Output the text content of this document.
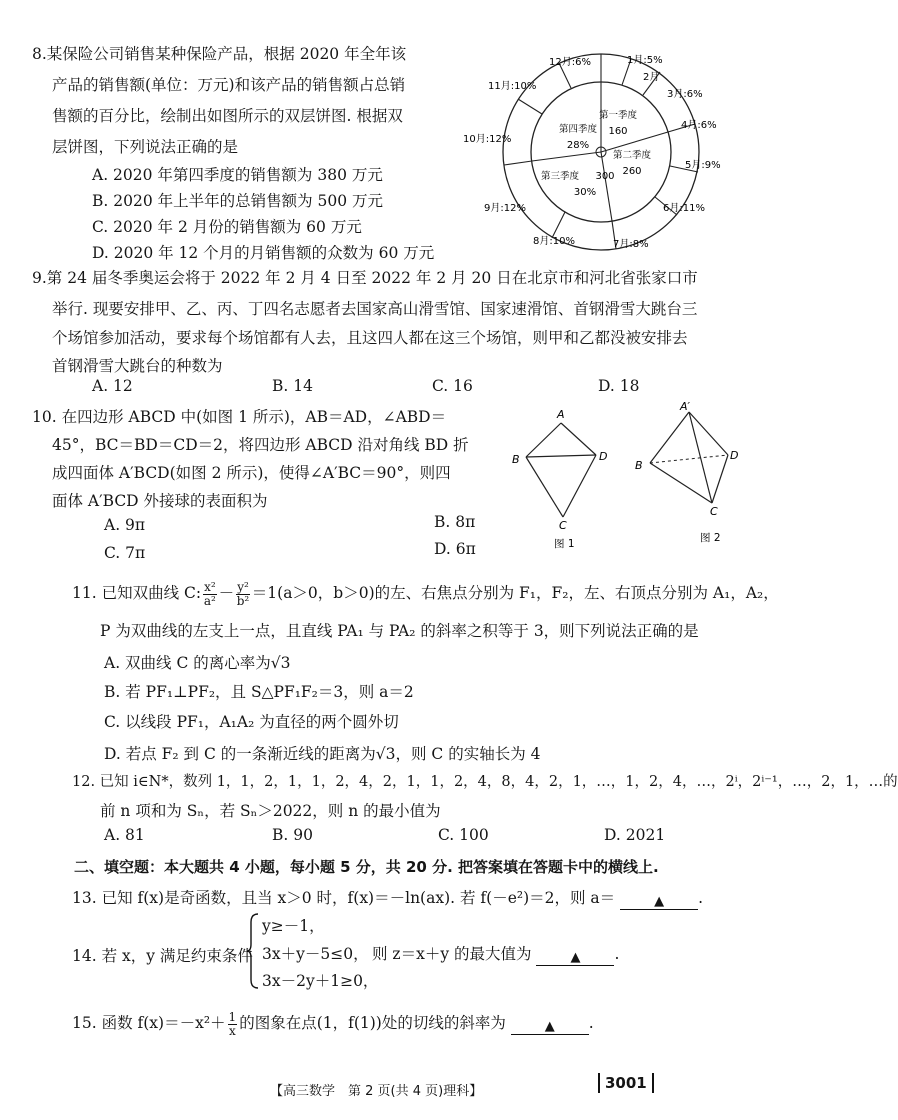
8.某保险公司销售某种保险产品，根据 2020 年全年该
产品的销售额(单位：万元)和该产品的销售额占总销
售额的百分比，绘制出如图所示的双层饼图. 根据双
层饼图，下列说法正确的是
A. 2020 年第四季度的销售额为 380 万元
B. 2020 年上半年的总销售额为 500 万元
C. 2020 年 2 月份的销售额为 60 万元
D. 2020 年 12 个月的月销售额的众数为 60 万元
第一季度
160
第二季度
260
第四季度
28%
第三季度 300
30%
1月:5%
2月
3月:6%
4月:6%
5月:9%
6月:11%
7月:8%
8月:10%
9月:12%
10月:12%
11月:10%
12月:6%
9.第 24 届冬季奥运会将于 2022 年 2 月 4 日至 2022 年 2 月 20 日在北京市和河北省张家口市
举行. 现要安排甲、乙、丙、丁四名志愿者去国家高山滑雪馆、国家速滑馆、首钢滑雪大跳台三
个场馆参加活动，要求每个场馆都有人去，且这四人都在这三个场馆，则甲和乙都没被安排去
首钢滑雪大跳台的种数为
A. 12	B. 14	C. 16	D. 18
10. 在四边形 ABCD 中(如图 1 所示)，AB＝AD，∠ABD＝
45°，BC＝BD＝CD＝2，将四边形 ABCD 沿对角线 BD 折
成四面体 A′BCD(如图 2 所示)，使得∠A′BC＝90°，则四
面体 A′BCD 外接球的表面积为
A. 9π	B. 8π
C. 7π	D. 6π
A
B	D
C
图 1
A′
B
D
C
图 2
11. 已知双曲线 C: $\frac{\text{x²}}{\text{a²}} - \frac{\text{y²}}{\text{b²}} =1(a>0$，b＞0)的左、右焦点分别为 F₁，F₂，左、右顶点分别为 A₁，A₂，
P 为双曲线的左支上一点，且直线 PA₁ 与 PA₂ 的斜率之积等于 3，则下列说法正确的是
A. 双曲线 C 的离心率为√3
B. 若 PF₁⊥PF₂，且 S△PF₁F₂＝3，则 a＝2
C. 以线段 PF₁，A₁A₂ 为直径的两个圆外切
D. 若点 F₂ 到 C 的一条渐近线的距离为√3，则 C 的实轴长为 4
12. 已知 i∈N*，数列 1，1，2，1，1，2，4，2，1，1，2，4，8，4，2，1，…，1，2，4，…，2ⁱ，2ⁱ⁻¹，…，2，1，…的
前 n 项和为 Sₙ，若 Sₙ＞2022，则 n 的最小值为
A. 81	B. 90	C. 100	D. 2021
二、填空题：本大题共 4 小题，每小题 5 分，共 20 分. 把答案填在答题卡中的横线上.
13. 已知 f(x)是奇函数，且当 x＞0 时，f(x)＝－ln(ax). 若 f(－e²)＝2，则 a＝	▲ .
14. 若 x，y 满足约束条件
y≥－1，
3x＋y－5≤0，
3x－2y＋1≥0，
则 z＝x＋y 的最大值为	▲ .
15. 函数 $f(x)=-x^2+ \frac{1}{x}$ 的图象在点(1，f(1))处的切线的斜率为	▲ .
【高三数学　第 2 页(共 4 页)理科】	3001
